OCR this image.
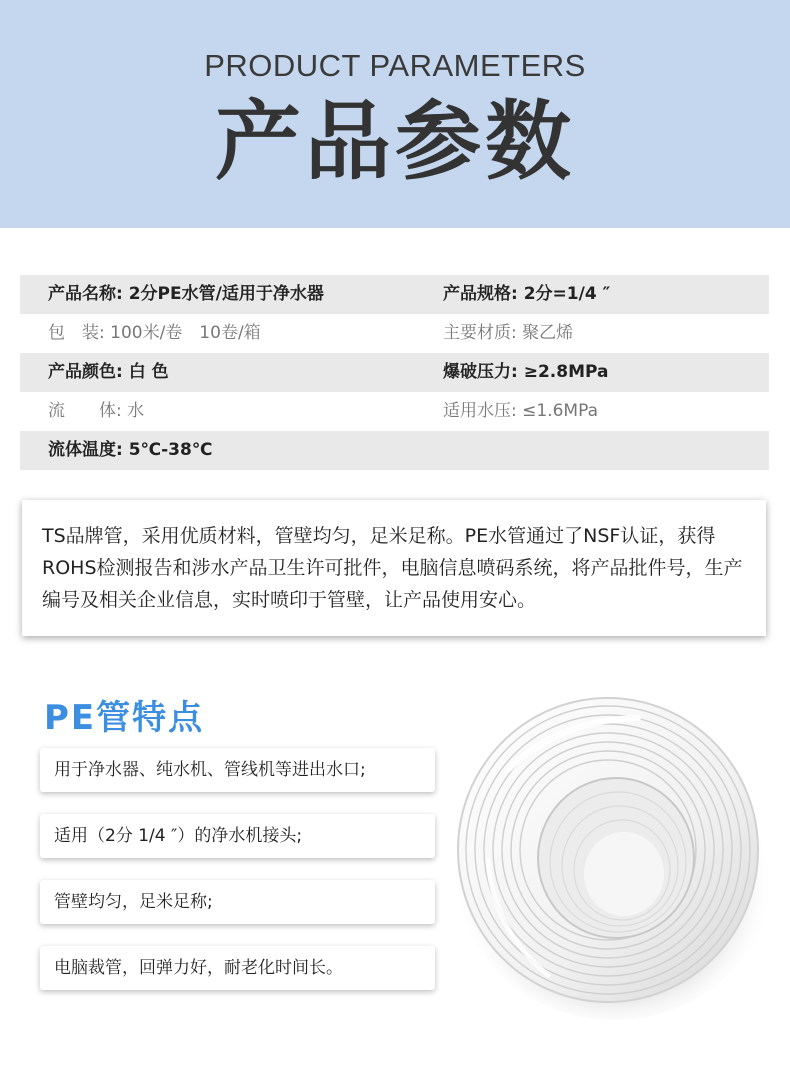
PRODUCT PARAMETERS
产品参数
产品名称: 2分PE水管/适用于净水器	产品规格: 2分=1/4 ″
包　装: 100米/卷　10卷/箱	主要材质: 聚乙烯
产品颜色: 白 色	爆破压力: ≥2.8MPa
流　　体: 水	适用水压: ≤1.6MPa
流体温度: 5℃-38℃
TS品牌管，采用优质材料，管壁均匀，足米足称。PE水管通过了NSF认证，获得ROHS检测报告和涉水产品卫生许可批件，电脑信息喷码系统，将产品批件号，生产编号及相关企业信息，实时喷印于管壁，让产品使用安心。
PE管特点
用于净水器、纯水机、管线机等进出水口;
适用（2分 1/4 ″）的净水机接头;
管壁均匀，足米足称;
电脑裁管，回弹力好，耐老化时间长。
